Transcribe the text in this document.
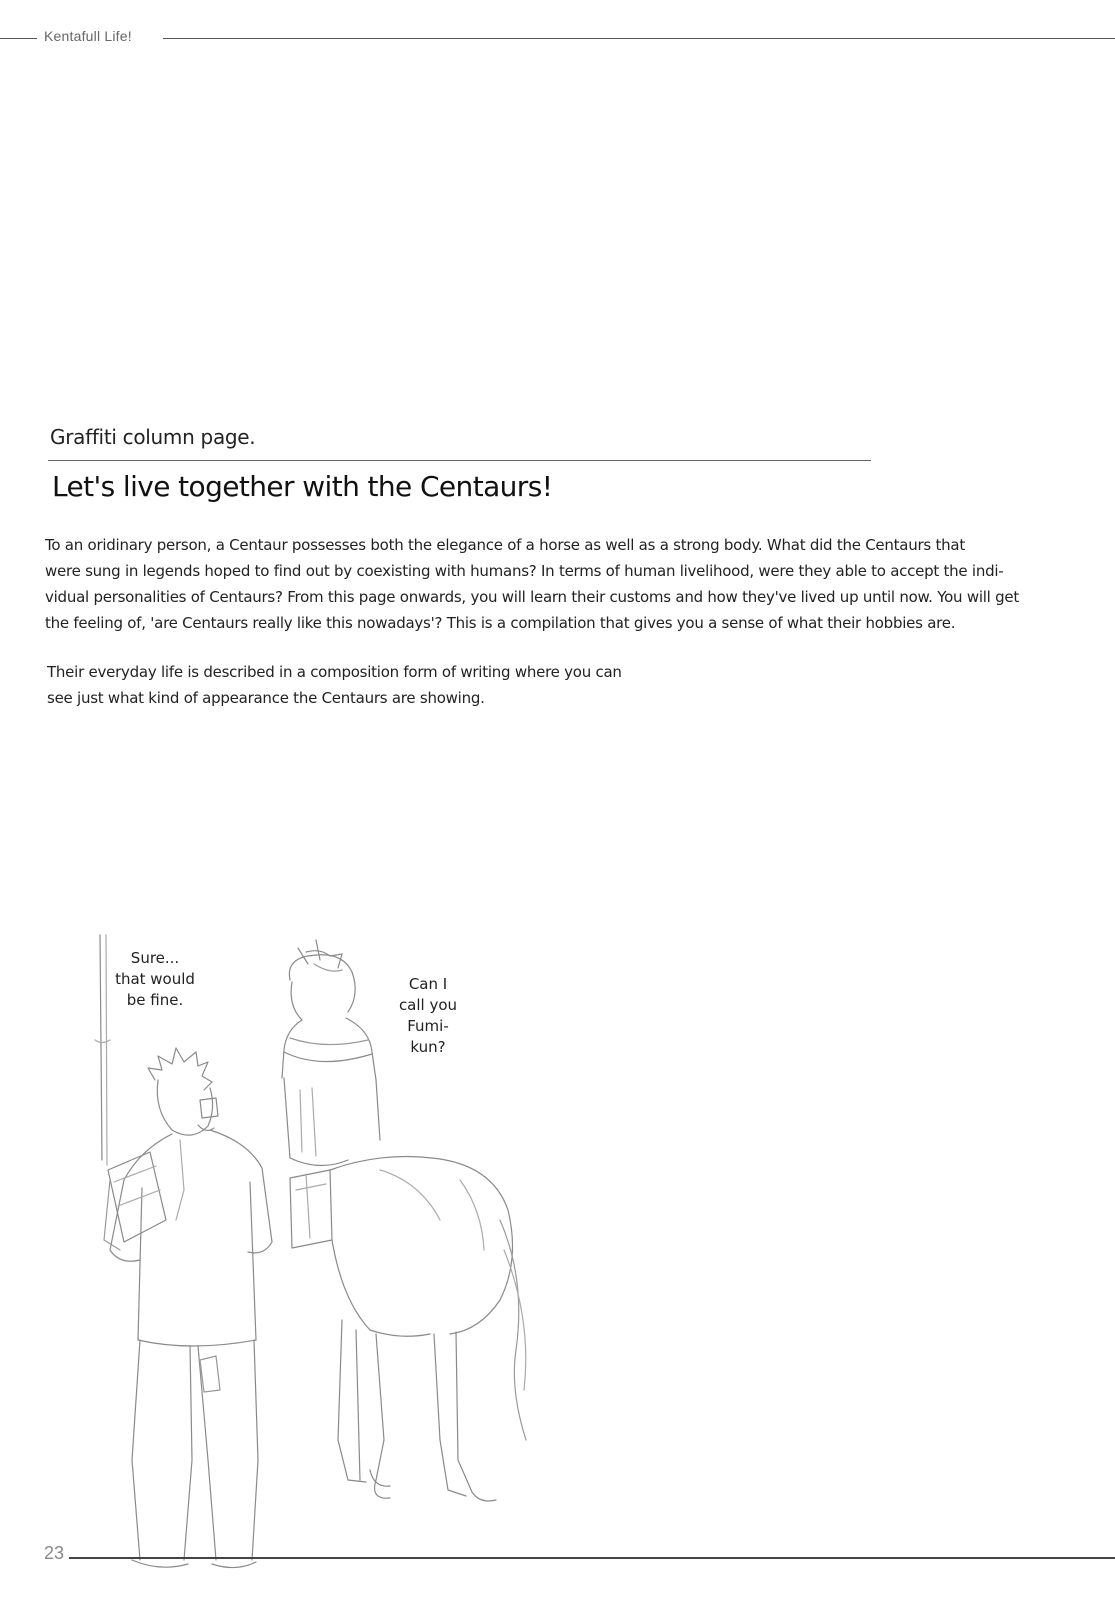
Kentafull Life!
Graffiti column page.
Let's live together with the Centaurs!
To an oridinary person, a Centaur possesses both the elegance of a horse as well as a strong body. What did the Centaurs that
were sung in legends hoped to find out by coexisting with humans? In terms of human livelihood, were they able to accept the indi-
vidual personalities of Centaurs? From this page onwards, you will learn their customs and how they've lived up until now. You will get
the feeling of, 'are Centaurs really like this nowadays'? This is a compilation that gives you a sense of what their hobbies are.
Their everyday life is described in a composition form of writing where you can
see just what kind of appearance the Centaurs are showing.
Sure...
that would
be fine.
Can I
call you
Fumi-
kun?
23
